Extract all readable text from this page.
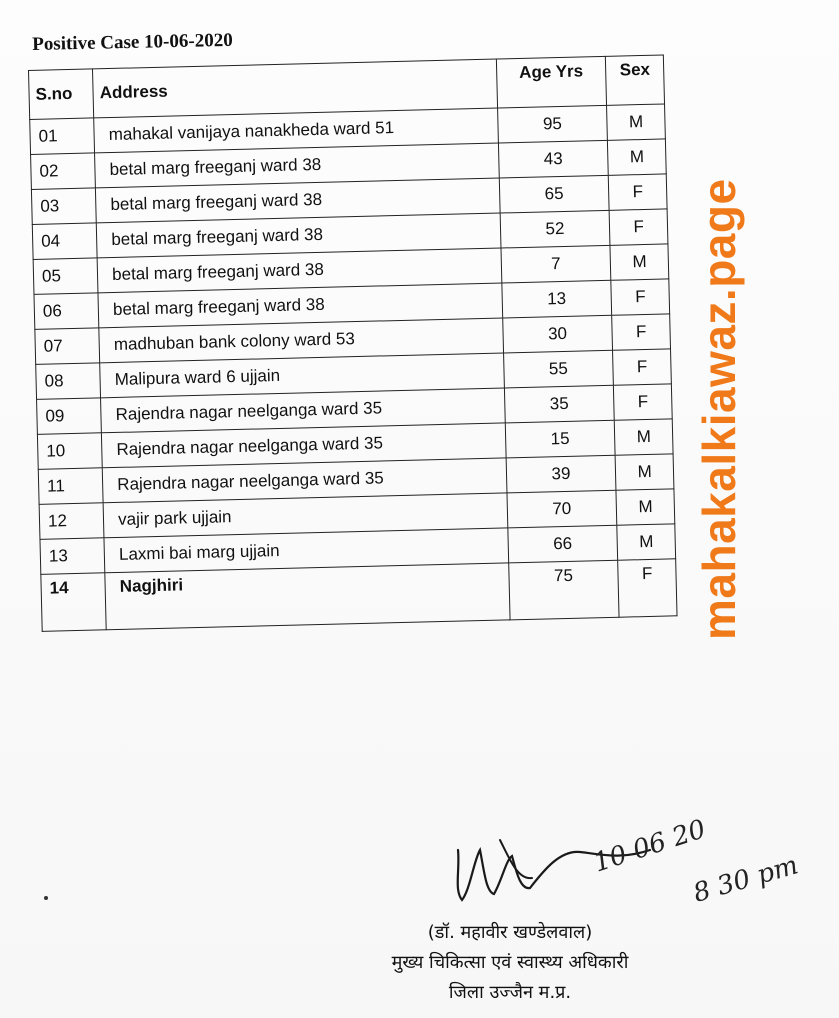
Positive Case 10-06-2020
S.no	Address	Age Yrs	Sex
01	mahakal vanijaya nanakheda ward 51	95	M
02	betal marg freeganj ward 38	43	M
03	betal marg freeganj ward 38	65	F
04	betal marg freeganj ward 38	52	F
05	betal marg freeganj ward 38	7	M
06	betal marg freeganj ward 38	13	F
07	madhuban bank colony ward 53	30	F
08	Malipura ward 6 ujjain	55	F
09	Rajendra nagar neelganga ward 35	35	F
10	Rajendra nagar neelganga ward 35	15	M
11	Rajendra nagar neelganga ward 35	39	M
12	vajir park ujjain	70	M
13	Laxmi bai marg ujjain	66	M
14	Nagjhiri	75	F mahakalkiawaz.page
10 06 20
8 30 pm
(डॉ. महावीर खण्डेलवाल)
मुख्य चिकित्सा एवं स्वास्थ्य अधिकारी
जिला उज्जैन म.प्र.
